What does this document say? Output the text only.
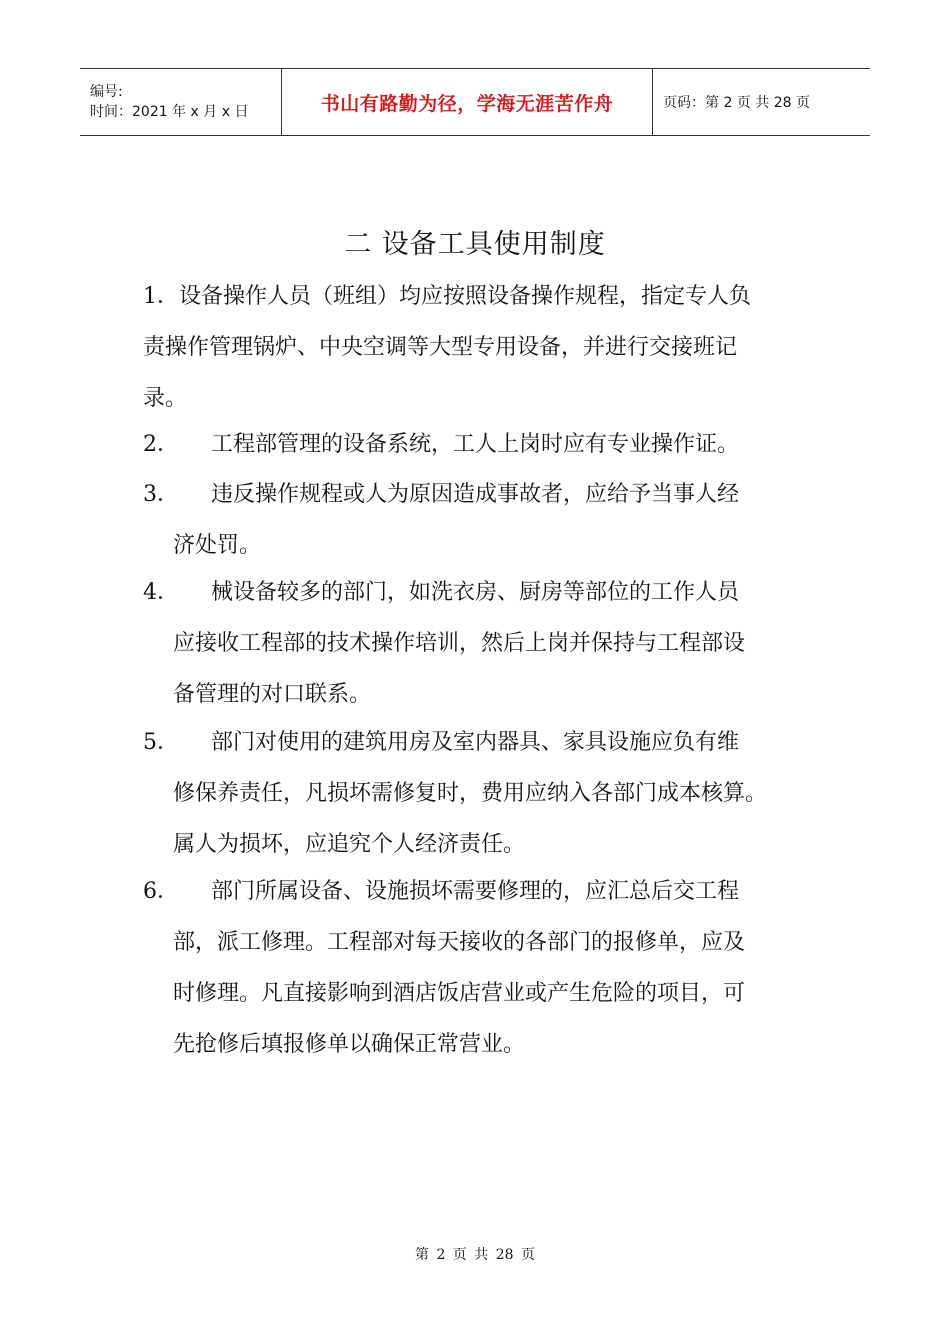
编号:
时间：2021 年 x 月 x 日	书山有路勤为径，学海无涯苦作舟	页码：第 2 页 共 28 页
二 设备工具使用制度
1． 设备操作人员（班组）均应按照设备操作规程，指定专人负
责操作管理锅炉、中央空调等大型专用设备，并进行交接班记
录。
2．	工程部管理的设备系统，工人上岗时应有专业操作证。
3．	违反操作规程或人为原因造成事故者，应给予当事人经
济处罚。
4．	械设备较多的部门，如洗衣房、厨房等部位的工作人员
应接收工程部的技术操作培训，然后上岗并保持与工程部设
备管理的对口联系。
5．	部门对使用的建筑用房及室内器具、家具设施应负有维
修保养责任，凡损坏需修复时，费用应纳入各部门成本核算。
属人为损坏，应追究个人经济责任。
6．	部门所属设备、设施损坏需要修理的，应汇总后交工程
部，派工修理。工程部对每天接收的各部门的报修单，应及
时修理。凡直接影响到酒店饭店营业或产生危险的项目，可
先抢修后填报修单以确保正常营业。
第 2 页 共 28 页
